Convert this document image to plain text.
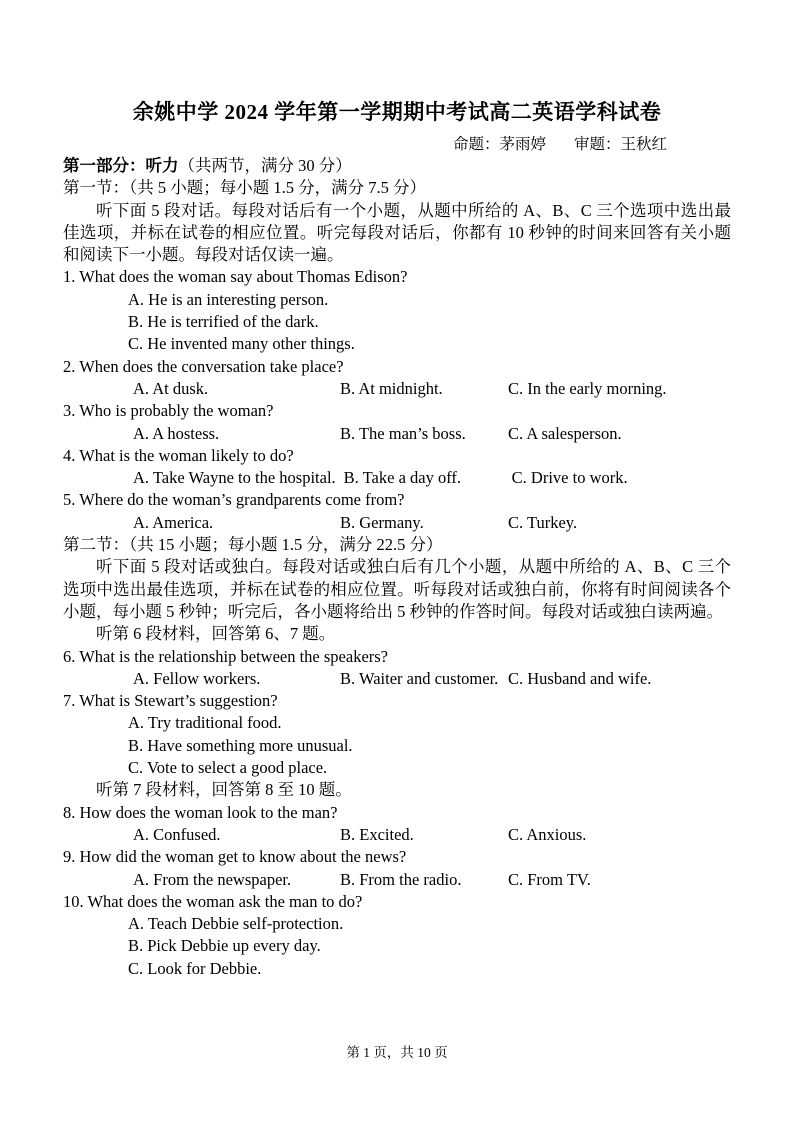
余姚中学 2024 学年第一学期期中考试高二英语学科试卷
命题：茅雨婷 审题：王秋红
第一部分：听力（共两节，满分 30 分）
第一节：（共 5 小题；每小题 1.5 分，满分 7.5 分）

听下面 5 段对话。每段对话后有一个小题，从题中所给的 A、B、C 三个选项中选出最佳选项，并标在试卷的相应位置。听完每段对话后，你都有 10 秒钟的时间来回答有关小题和阅读下一小题。每段对话仅读一遍。

1. What does the woman say about Thomas Edison?
A. He is an interesting person.
B. He is terrified of the dark.
C. He invented many other things.
2. When does the conversation take place?
A. At dusk.	B. At midnight.	C. In the early morning.
3. Who is probably the woman?
A. A hostess.	B. The man’s boss.	C. A salesperson.
4. What is the woman likely to do?
A. Take Wayne to the hospital. B. Take a day off.	C. Drive to work.
5. Where do the woman’s grandparents come from?
A. America.	B. Germany.	C. Turkey.
第二节：（共 15 小题；每小题 1.5 分，满分 22.5 分）

听下面 5 段对话或独白。每段对话或独白后有几个小题，从题中所给的 A、B、C 三个选项中选出最佳选项，并标在试卷的相应位置。听每段对话或独白前，你将有时间阅读各个小题，每小题 5 秒钟；听完后，各小题将给出 5 秒钟的作答时间。每段对话或独白读两遍。

听第 6 段材料，回答第 6、7 题。
6. What is the relationship between the speakers?
A. Fellow workers.	B. Waiter and customer. C. Husband and wife.
7. What is Stewart’s suggestion?
A. Try traditional food.
B. Have something more unusual.
C. Vote to select a good place.
听第 7 段材料，回答第 8 至 10 题。
8. How does the woman look to the man?
A. Confused.	B. Excited.	C. Anxious.
9. How did the woman get to know about the news?
A. From the newspaper.	B. From the radio.	C. From TV.
10. What does the woman ask the man to do?
A. Teach Debbie self-protection.
B. Pick Debbie up every day.
C. Look for Debbie.
第 1 页，共 10 页
